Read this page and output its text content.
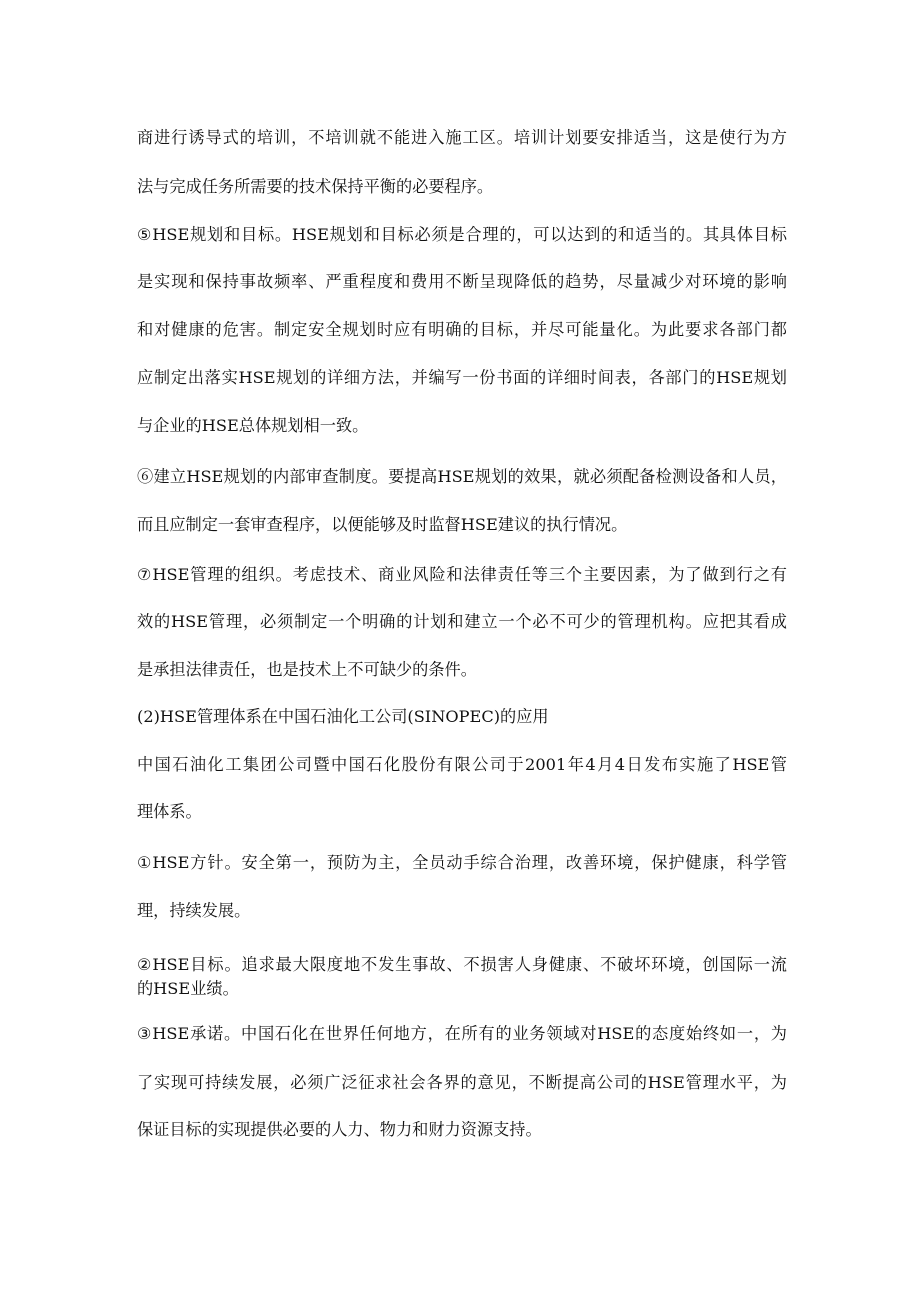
商进行诱导式的培训，不培训就不能进入施工区。培训计划要安排适当，这是使行为方
法与完成任务所需要的技术保持平衡的必要程序。
⑤HSE规划和目标。HSE规划和目标必须是合理的，可以达到的和适当的。其具体目标
是实现和保持事故频率、严重程度和费用不断呈现降低的趋势，尽量减少对环境的影响
和对健康的危害。制定安全规划时应有明确的目标，并尽可能量化。为此要求各部门都
应制定出落实HSE规划的详细方法，并编写一份书面的详细时间表，各部门的HSE规划
与企业的HSE总体规划相一致。
⑥建立HSE规划的内部审查制度。要提高HSE规划的效果，就必须配备检测设备和人员，
而且应制定一套审查程序，以便能够及时监督HSE建议的执行情况。
⑦HSE管理的组织。考虑技术、商业风险和法律责任等三个主要因素，为了做到行之有
效的HSE管理，必须制定一个明确的计划和建立一个必不可少的管理机构。应把其看成
是承担法律责任，也是技术上不可缺少的条件。
(2)HSE管理体系在中国石油化工公司(SINOPEC)的应用
中国石油化工集团公司暨中国石化股份有限公司于2001年4月4日发布实施了HSE管
理体系。
①HSE方针。安全第一，预防为主，全员动手综合治理，改善环境，保护健康，科学管
理，持续发展。
②HSE目标。追求最大限度地不发生事故、不损害人身健康、不破坏环境，创国际一流
的HSE业绩。
③HSE承诺。中国石化在世界任何地方，在所有的业务领域对HSE的态度始终如一，为
了实现可持续发展，必须广泛征求社会各界的意见，不断提高公司的HSE管理水平，为
保证目标的实现提供必要的人力、物力和财力资源支持。
